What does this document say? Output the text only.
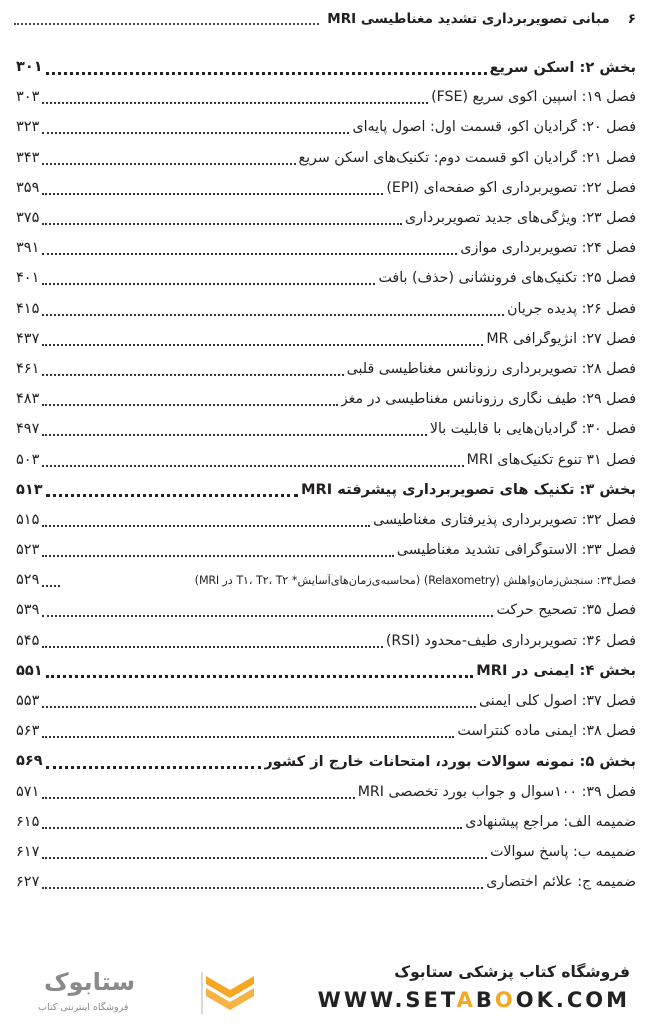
۶
مبانی تصویربرداری تشدید مغناطیسی MRI
بخش ۲: اسکن سریع
۳۰۱
فصل ۱۹: اسپین اکوی سریع (FSE)
۳۰۳
فصل ۲۰: گرادیان اکو، قسمت اول: اصول پایه‌ای
۳۲۳
فصل ۲۱: گرادیان اکو قسمت دوم: تکنیک‌های اسکن سریع
۳۴۳
فصل ۲۲: تصویربرداری اکو صفحه‌ای (EPI)
۳۵۹
فصل ۲۳: ویژگی‌های جدید تصویربرداری
۳۷۵
فصل ۲۴: تصویربرداری موازی
۳۹۱
فصل ۲۵: تکنیک‌های فرونشانی (حذف) بافت
۴۰۱
فصل ۲۶: پدیده جریان
۴۱۵
فصل ۲۷: آنژیوگرافی MR
۴۳۷
فصل ۲۸: تصویربرداری رزونانس مغناطیسی قلبی
۴۶۱
فصل ۲۹: طیف نگاری رزونانس مغناطیسی در مغز
۴۸۳
فصل ۳۰: گرادیان‌هایی با قابلیت بالا
۴۹۷
فصل ۳۱ تنوع تکنیک‌های MRI
۵۰۳
بخش ۳: تکنیک های تصویربرداری پیشرفته MRI
۵۱۳
فصل ۳۲: تصویربرداری پذیرفتاری مغناطیسی
۵۱۵
فصل ۳۳: الاستوگرافی تشدید مغناطیسی
۵۲۳
فصل۳۴: سنجش‌زمان‌واهلش (Relaxometry) (محاسبه‌ی‌زمان‌های‌آسایش* T۱، T۲، T۲ در MRI)
۵۲۹
فصل ۳۵: تصحیح حرکت
۵۳۹
فصل ۳۶: تصویربرداری طیف-محدود (RSI)
۵۴۵
بخش ۴: ایمنی در MRI
۵۵۱
فصل ۳۷: اصول کلی ایمنی
۵۵۳
فصل ۳۸: ایمنی ماده کنتراست
۵۶۳
بخش ۵: نمونه سوالات بورد، امتحانات خارج از کشور
۵۶۹
فصل ۳۹: ۱۰۰سوال و جواب بورد تخصصی MRI
۵۷۱
ضمیمه الف: مراجع پیشنهادی
۶۱۵
ضمیمه ب: پاسخ سوالات
۶۱۷
ضمیمه ج: علائم اختصاری
۶۲۷
فروشگاه کتاب پزشکی ستابوک
WWW.SETABOOK.COM
ستابوک
فروشگاه اینترنتی کتاب
